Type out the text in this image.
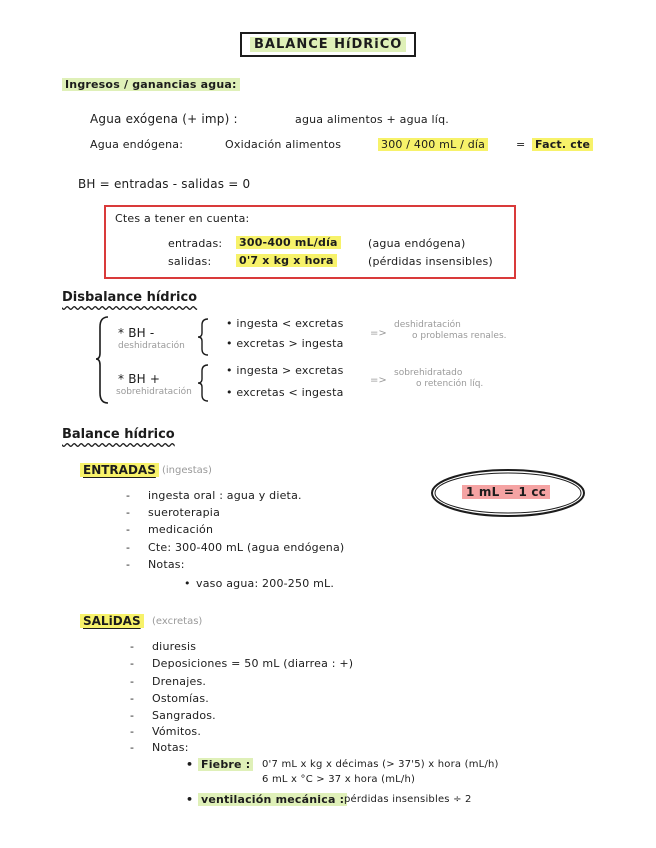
BALANCE HíDRiCO
Ingresos / ganancias agua:
Agua exógena (+ imp) :	agua alimentos + agua líq.
Agua endógena:	Oxidación alimentos	300 / 400 mL / día	= Fact. cte
BH = entradas - salidas = 0
Ctes a tener en cuenta:
entradas: 300-400 mL/día	(agua endógena)
salidas:	0'7 x kg x hora	(pérdidas insensibles)
Disbalance hídrico
* BH -
deshidratación
• ingesta < excretas
• excretas > ingesta
=>
deshidratación
o problemas renales.
* BH +
sobrehidratación
• ingesta > excretas
• excretas < ingesta
=>
sobrehidratado
o retención líq.
Balance hídrico
1 mL = 1 cc
ENTRADAS (ingestas)
- ingesta oral : agua y dieta.
- sueroterapia
- medicación
- Cte: 300-400 mL (agua endógena)
- Notas:
• vaso agua: 200-250 mL.
SALiDAS	(excretas)
- diuresis
- Deposiciones = 50 mL (diarrea : +)
- Drenajes.
- Ostomías.
- Sangrados.
- Vómitos.
- Notas:
• Fiebre :	0'7 mL x kg x décimas (> 37'5) x hora (mL/h)
6 mL x °C > 37 x hora (mL/h)
• ventilación mecánica : pérdidas insensibles ÷ 2
